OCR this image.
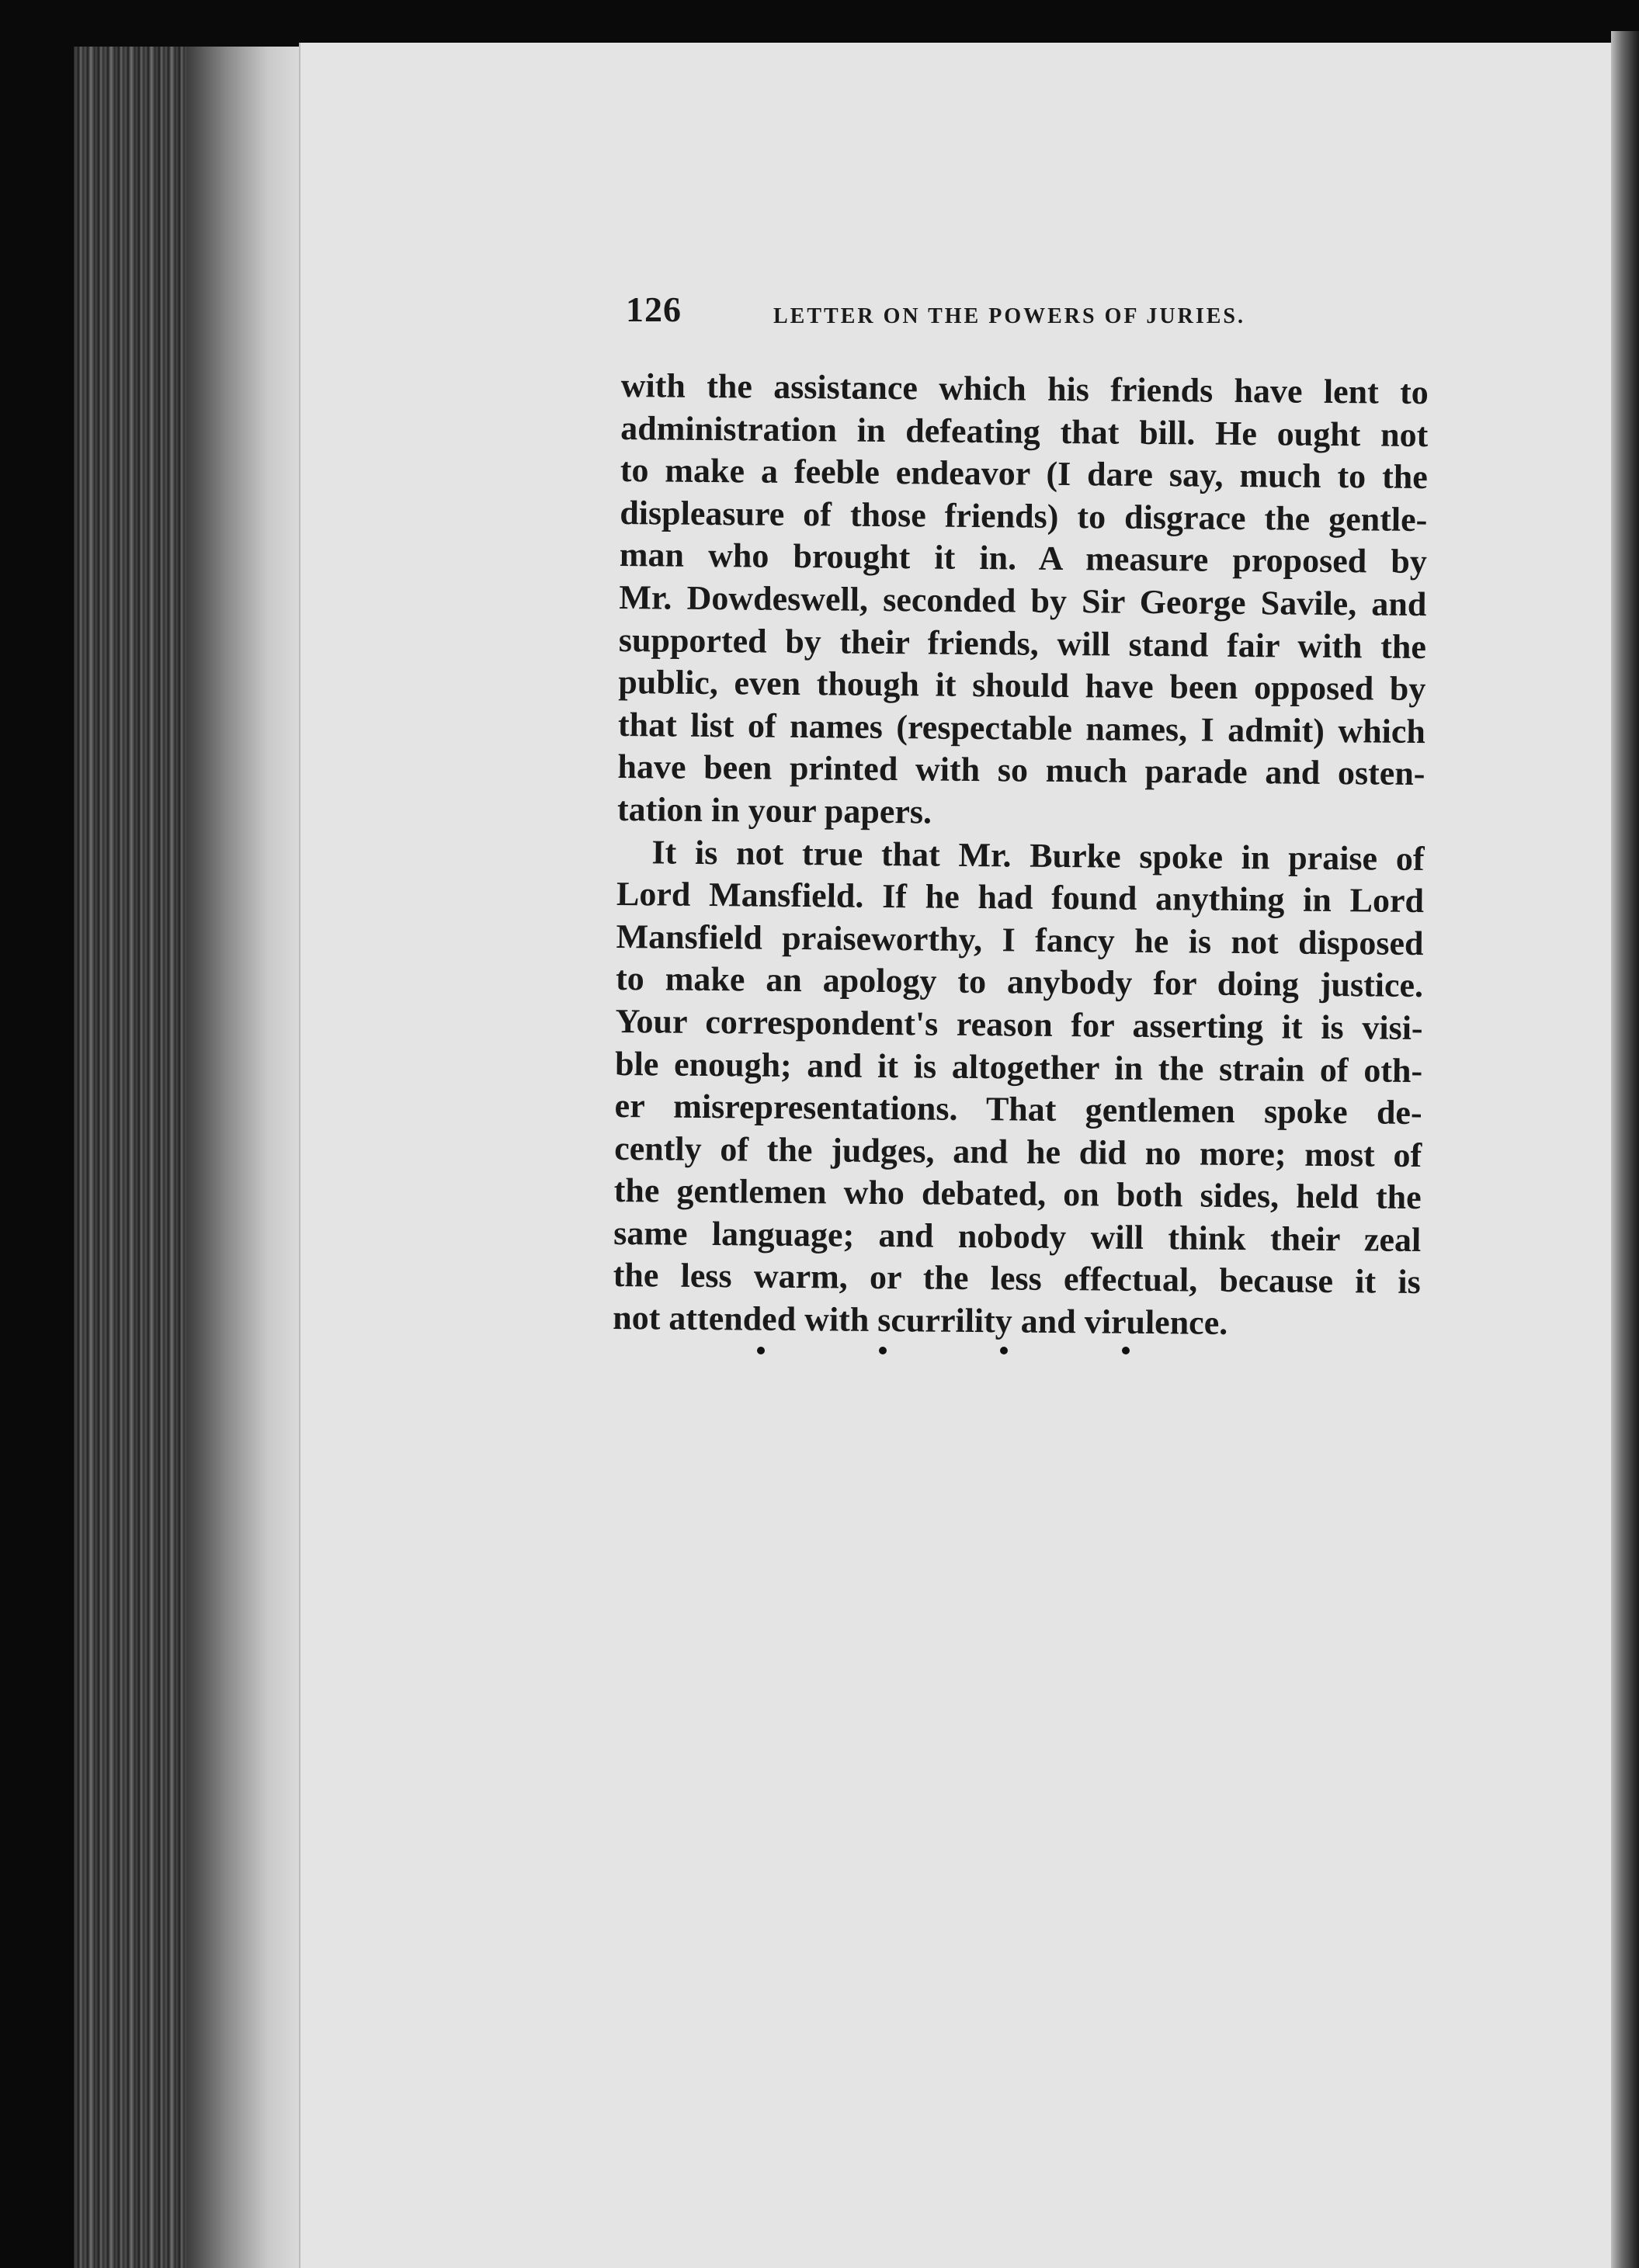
126	LETTER ON THE POWERS OF JURIES.
with the assistance which his friends have lent to
administration in defeating that bill. He ought not
to make a feeble endeavor (I dare say, much to the
displeasure of those friends) to disgrace the gentle-
man who brought it in. A measure proposed by
Mr. Dowdeswell, seconded by Sir George Savile, and
supported by their friends, will stand fair with the
public, even though it should have been opposed by
that list of names (respectable names, I admit) which
have been printed with so much parade and osten-
tation in your papers.
It is not true that Mr. Burke spoke in praise of
Lord Mansfield. If he had found anything in Lord
Mansfield praiseworthy, I fancy he is not disposed
to make an apology to anybody for doing justice.
Your correspondent's reason for asserting it is visi-
ble enough; and it is altogether in the strain of oth-
er misrepresentations. That gentlemen spoke de-
cently of the judges, and he did no more; most of
the gentlemen who debated, on both sides, held the
same language; and nobody will think their zeal
the less warm, or the less effectual, because it is
not attended with scurrility and virulence.
